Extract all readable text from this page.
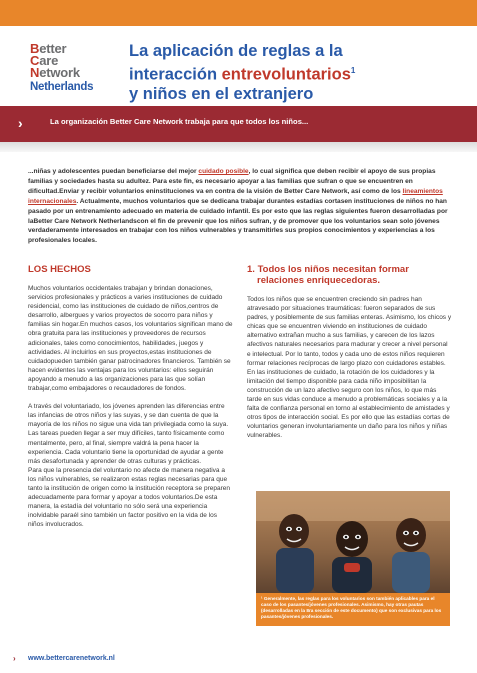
Better
Care
Network
Netherlands
La aplicación de reglas a la
interacción entrevoluntarios$^1$
y niños en el extranjero
›	La organización Better Care Network trabaja para que todos los niños...
...niñas y adolescentes puedan beneficiarse del mejor cuidado posible, lo cual significa que deben recibir el apoyo de sus propias familias y sociedades hasta su adultez. Para este fin, es necesario apoyar a las familias que sufran o que se encuentren en dificultad.Enviar y recibir voluntarios eninstituciones va en contra de la visión de Better Care Network, así como de los lineamientos internacionales. Actualmente, muchos voluntarios que se dedicana trabajar durantes estadías cortasen instituciones de niños no han pasado por un entrenamiento adecuado en materia de cuidado infantil. Es por esto que las reglas siguientes fueron desarrolladas por laBetter Care Network Netherlandscon el fin de prevenir que los niños sufran, y de promover que los voluntarios sean solo jóvenes verdaderamente interesados en trabajar con los niños vulnerables y transmitirles sus propios conocimientos y experiencias a los profesionales locales.
LOS HECHOS

Muchos voluntarios occidentales trabajan y brindan donaciones, servicios profesionales y prácticos a varies instituciones de cuidado residencial, como las instituciones de cuidado de niños,centros de desarrollo, albergues y varios proyectos de socorro para niños y familias sin hogar.En muchos casos, los voluntarios significan mano de obra gratuita para las instituciones y proveedores de recursos adicionales, tales como conocimientos, habilidades, juegos y actividades. Al incluirlos en sus proyectos,estas instituciones de cuidadopueden también ganar patrocinadores financieros. También se hacen evidentes las ventajas para los voluntarios: ellos seguirán apoyando a menudo a las organizaciones para las que solían trabajar,como embajadores o recaudadores de fondos.

A través del voluntariado, los jóvenes aprenden las diferencias entre las infancias de otros niños y las suyas, y se dan cuenta de que la mayoría de los niños no sigue una vida tan privilegiada como la suya. Las tareas pueden llegar a ser muy difíciles, tanto físicamente como mentalmente, pero, al final, siempre valdrá la pena hacer la experiencia. Cada voluntario tiene la oportunidad de ayudar a gente más desafortunada y aprender de otras culturas y prácticas.

Para que la presencia del voluntario no afecte de manera negativa a los niños vulnerables, se realizaron estas reglas necesarias para que tanto la institución de origen como la institución receptora se preparen adecuadamente para formar y apoyar a todos voluntarios.De esta manera, la estadía del voluntario no sólo será una experiencia inolvidable paraél sino también un factor positivo en la vida de los niños involucrados.

1. Todos los niños necesitan formar
relaciones enriquecedoras.

Todos los niños que se encuentren creciendo sin padres han atravesado por situaciones traumáticas: fueron separados de sus padres, y posiblemente de sus familias enteras. Asimismo, los chicos y chicas que se encuentren viviendo en instituciones de cuidado alternativo extrañan mucho a sus familias, y carecen de los lazos afectivos naturales necesarios para madurar y crecer a nivel personal e intelectual. Por lo tanto, todos y cada uno de estos niños requieren formar relaciones recíprocas de largo plazo con cuidadores estables. En las instituciones de cuidado, la rotación de los cuidadores y la limitación del tiempo disponible para cada niño imposibilitan la construcción de un lazo afectivo seguro con los niños, lo que más tarde en sus vidas conduce a menudo a problemáticas sociales y a la falta de confianza personal en torno al establecimiento de amistades y otros tipos de interacción social. Es por ello que las estadías cortas de voluntarios generan involuntariamente un daño para los niños y niñas vulnerables.

¹ Generalmente, las reglas para los voluntarios son también aplicables para el caso de los pasantes/jóvenes profesionales. Asimismo, hay otras pautas (desarrolladas en la 8ra sección de este documento) que son exclusivas para los pasantes/jóvenes profesionales.
› www.bettercarenetwork.nl
